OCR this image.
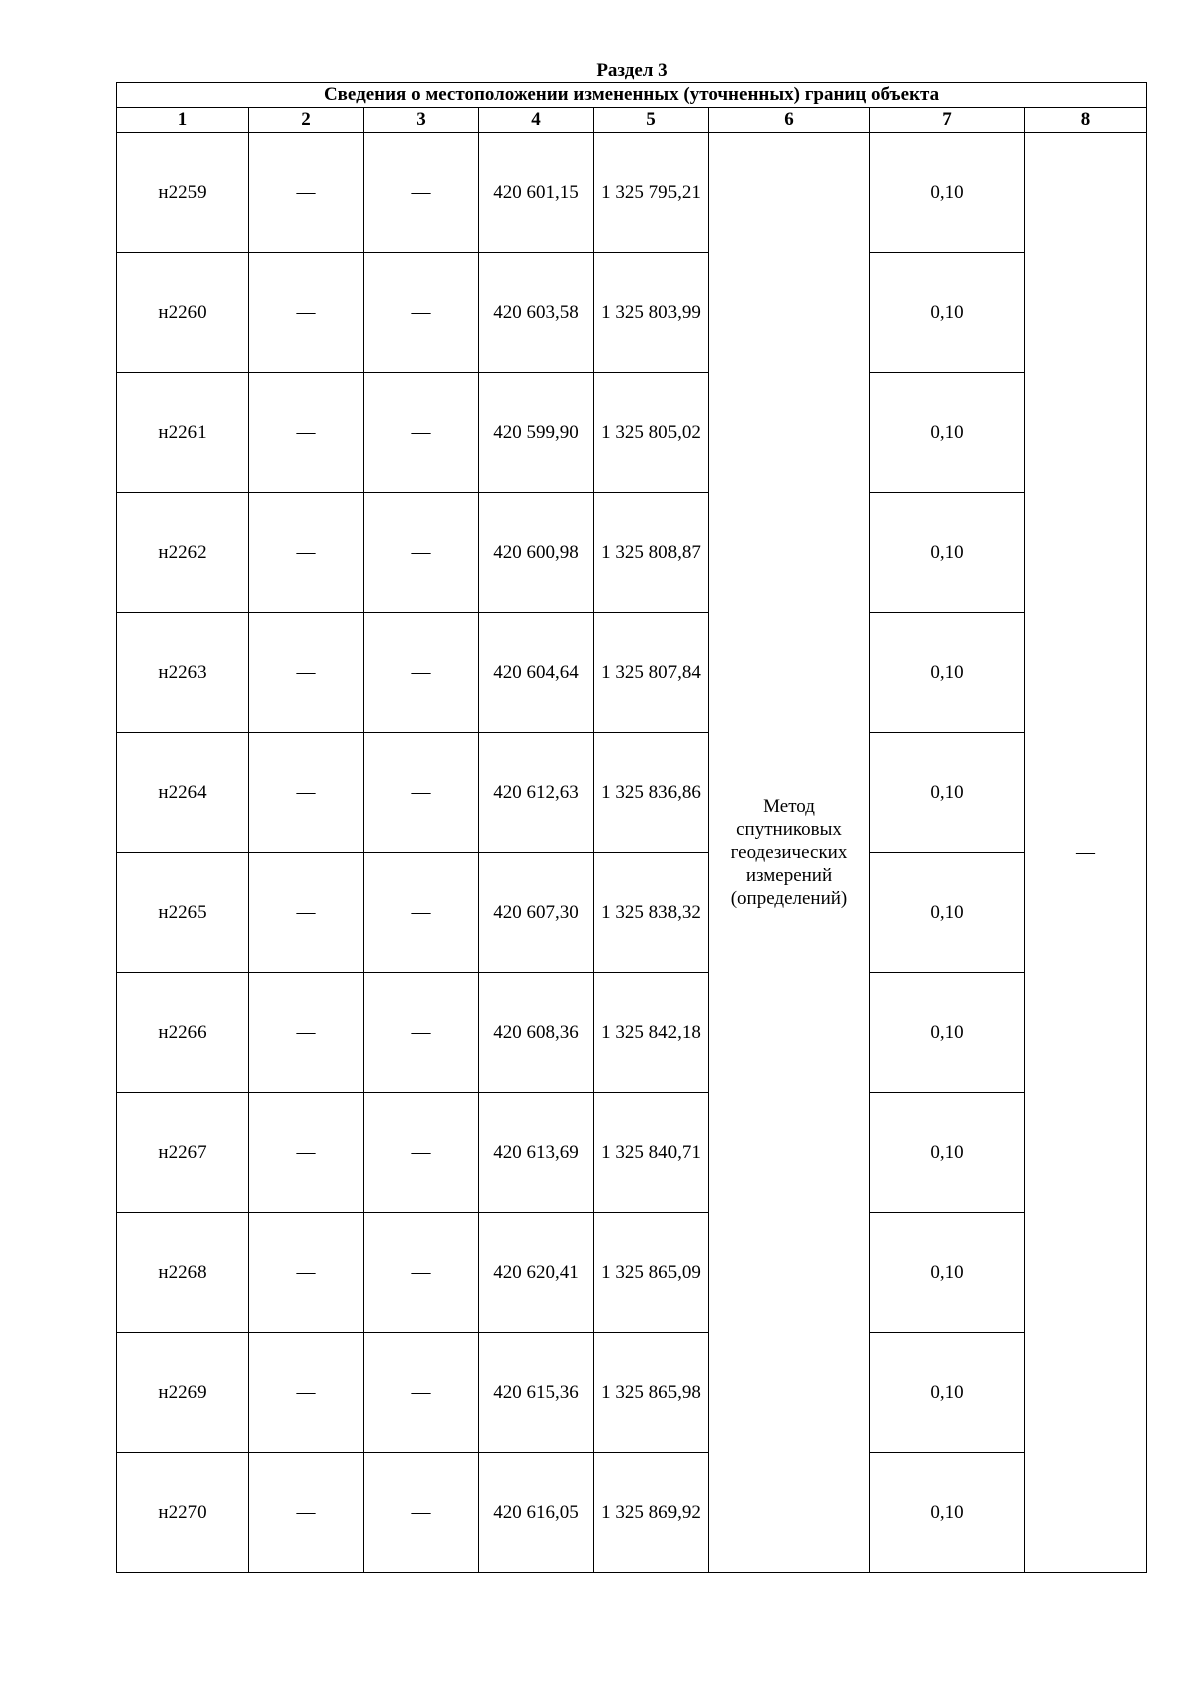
Раздел 3
Сведения о местоположении измененных (уточненных) границ объекта							
1	2	3	4	5	6	7	8
н2259	—	—	420 601,15	1 325 795,21	Метод
спутниковых
геодезических
измерений
(определений)	0,10	—
н2260	—	—	420 603,58	1 325 803,99		0,10	
н2261	—	—	420 599,90	1 325 805,02		0,10	
н2262	—	—	420 600,98	1 325 808,87		0,10	
н2263	—	—	420 604,64	1 325 807,84		0,10	
н2264	—	—	420 612,63	1 325 836,86		0,10	
н2265	—	—	420 607,30	1 325 838,32		0,10	
н2266	—	—	420 608,36	1 325 842,18		0,10	
н2267	—	—	420 613,69	1 325 840,71		0,10	
н2268	—	—	420 620,41	1 325 865,09		0,10	
н2269	—	—	420 615,36	1 325 865,98		0,10	
н2270	—	—	420 616,05	1 325 869,92		0,10	
